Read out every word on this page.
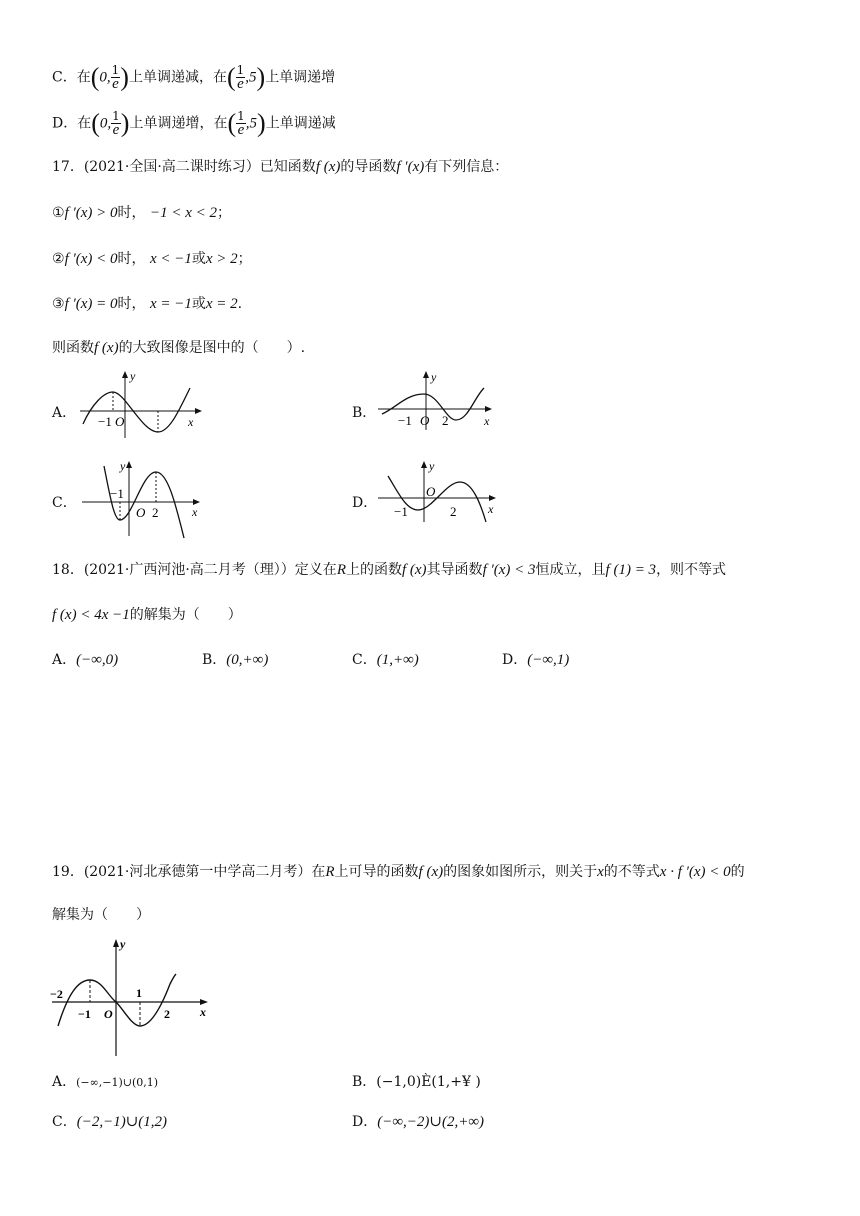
C．在(0, $\frac{1}{e}$ )上单调递减，在( $\frac{1}{e} ,5$)上单调递增
D．在(0, $\frac{1}{e}$ )上单调递增，在( $\frac{1}{e} ,5$)上单调递减
17．(2021·全国·高二课时练习）已知函数f (x)的导函数f ′(x)有下列信息：
①f ′(x) > 0时， −1 < x < 2；
②f ′(x) < 0时， x < −1或x > 2；
③f ′(x) = 0时， x = −1或x = 2.
则函数f (x)的大致图像是图中的（　　）.
A．
y
x
−1 O
B．
y
x
−1 O 2
C．
y
x
−1
O 2
D．
y
x
−1
O
2
18．(2021·广西河池·高二月考（理））定义在R上的函数f (x)其导函数f ′(x) < 3恒成立，且f (1) = 3，则不等式
f (x) < 4x −1的解集为（　　）
A．(−∞,0)	B．(0,+∞)	C．(1,+∞)	D．(−∞,1)
19．(2021·河北承德第一中学高二月考）在R上可导的函数f (x)的图象如图所示，则关于x的不等式x · f ′(x) < 0的
解集为（　　）
y
x
−2
−1 O
1
2
A．(−∞,−1)∪(0,1)	B．(−1,0)È(1,+¥ )
C．(−2,−1)∪(1,2)	D．(−∞,−2)∪(2,+∞)
